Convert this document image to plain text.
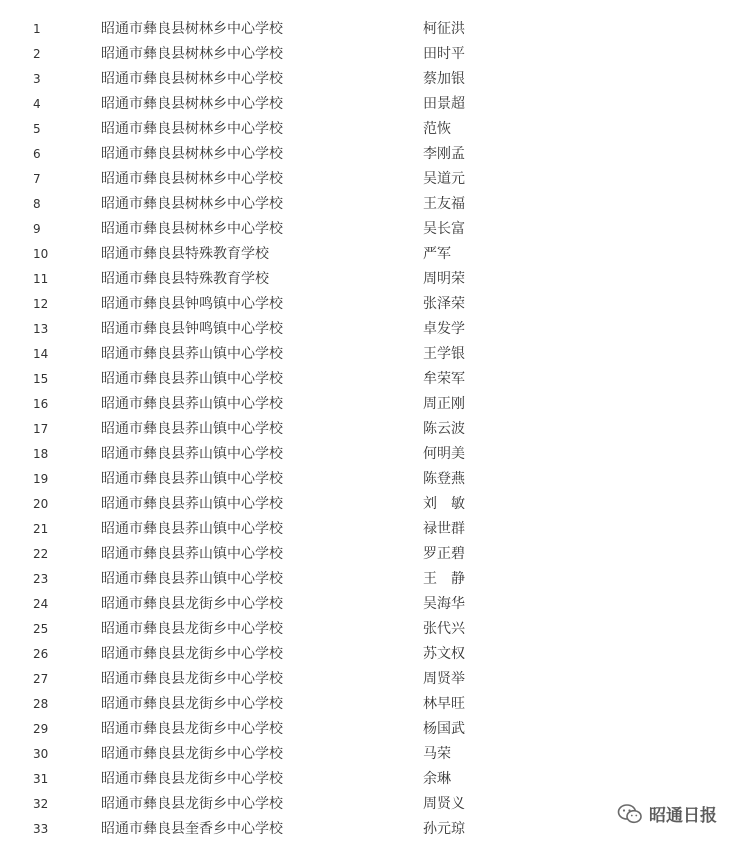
1	昭通市彝良县树林乡中心学校	柯征洪
2	昭通市彝良县树林乡中心学校	田时平
3	昭通市彝良县树林乡中心学校	蔡加银
4	昭通市彝良县树林乡中心学校	田景超
5	昭通市彝良县树林乡中心学校	范恢
6	昭通市彝良县树林乡中心学校	李刚孟
7	昭通市彝良县树林乡中心学校	吴道元
8	昭通市彝良县树林乡中心学校	王友福
9	昭通市彝良县树林乡中心学校	吴长富
10	昭通市彝良县特殊教育学校	严军
11	昭通市彝良县特殊教育学校	周明荣
12	昭通市彝良县钟鸣镇中心学校	张泽荣
13	昭通市彝良县钟鸣镇中心学校	卓发学
14	昭通市彝良县荞山镇中心学校	王学银
15	昭通市彝良县荞山镇中心学校	牟荣军
16	昭通市彝良县荞山镇中心学校	周正刚
17	昭通市彝良县荞山镇中心学校	陈云波
18	昭通市彝良县荞山镇中心学校	何明美
19	昭通市彝良县荞山镇中心学校	陈登燕
20	昭通市彝良县荞山镇中心学校	刘　敏
21	昭通市彝良县荞山镇中心学校	禄世群
22	昭通市彝良县荞山镇中心学校	罗正碧
23	昭通市彝良县荞山镇中心学校	王　静
24	昭通市彝良县龙街乡中心学校	吴海华
25	昭通市彝良县龙街乡中心学校	张代兴
26	昭通市彝良县龙街乡中心学校	苏文权
27	昭通市彝良县龙街乡中心学校	周贤举
28	昭通市彝良县龙街乡中心学校	林早旺
29	昭通市彝良县龙街乡中心学校	杨国武
30	昭通市彝良县龙街乡中心学校	马荣
31	昭通市彝良县龙街乡中心学校	余琳
32	昭通市彝良县龙街乡中心学校	周贤义
33	昭通市彝良县奎香乡中心学校	孙元琼
昭通日报
